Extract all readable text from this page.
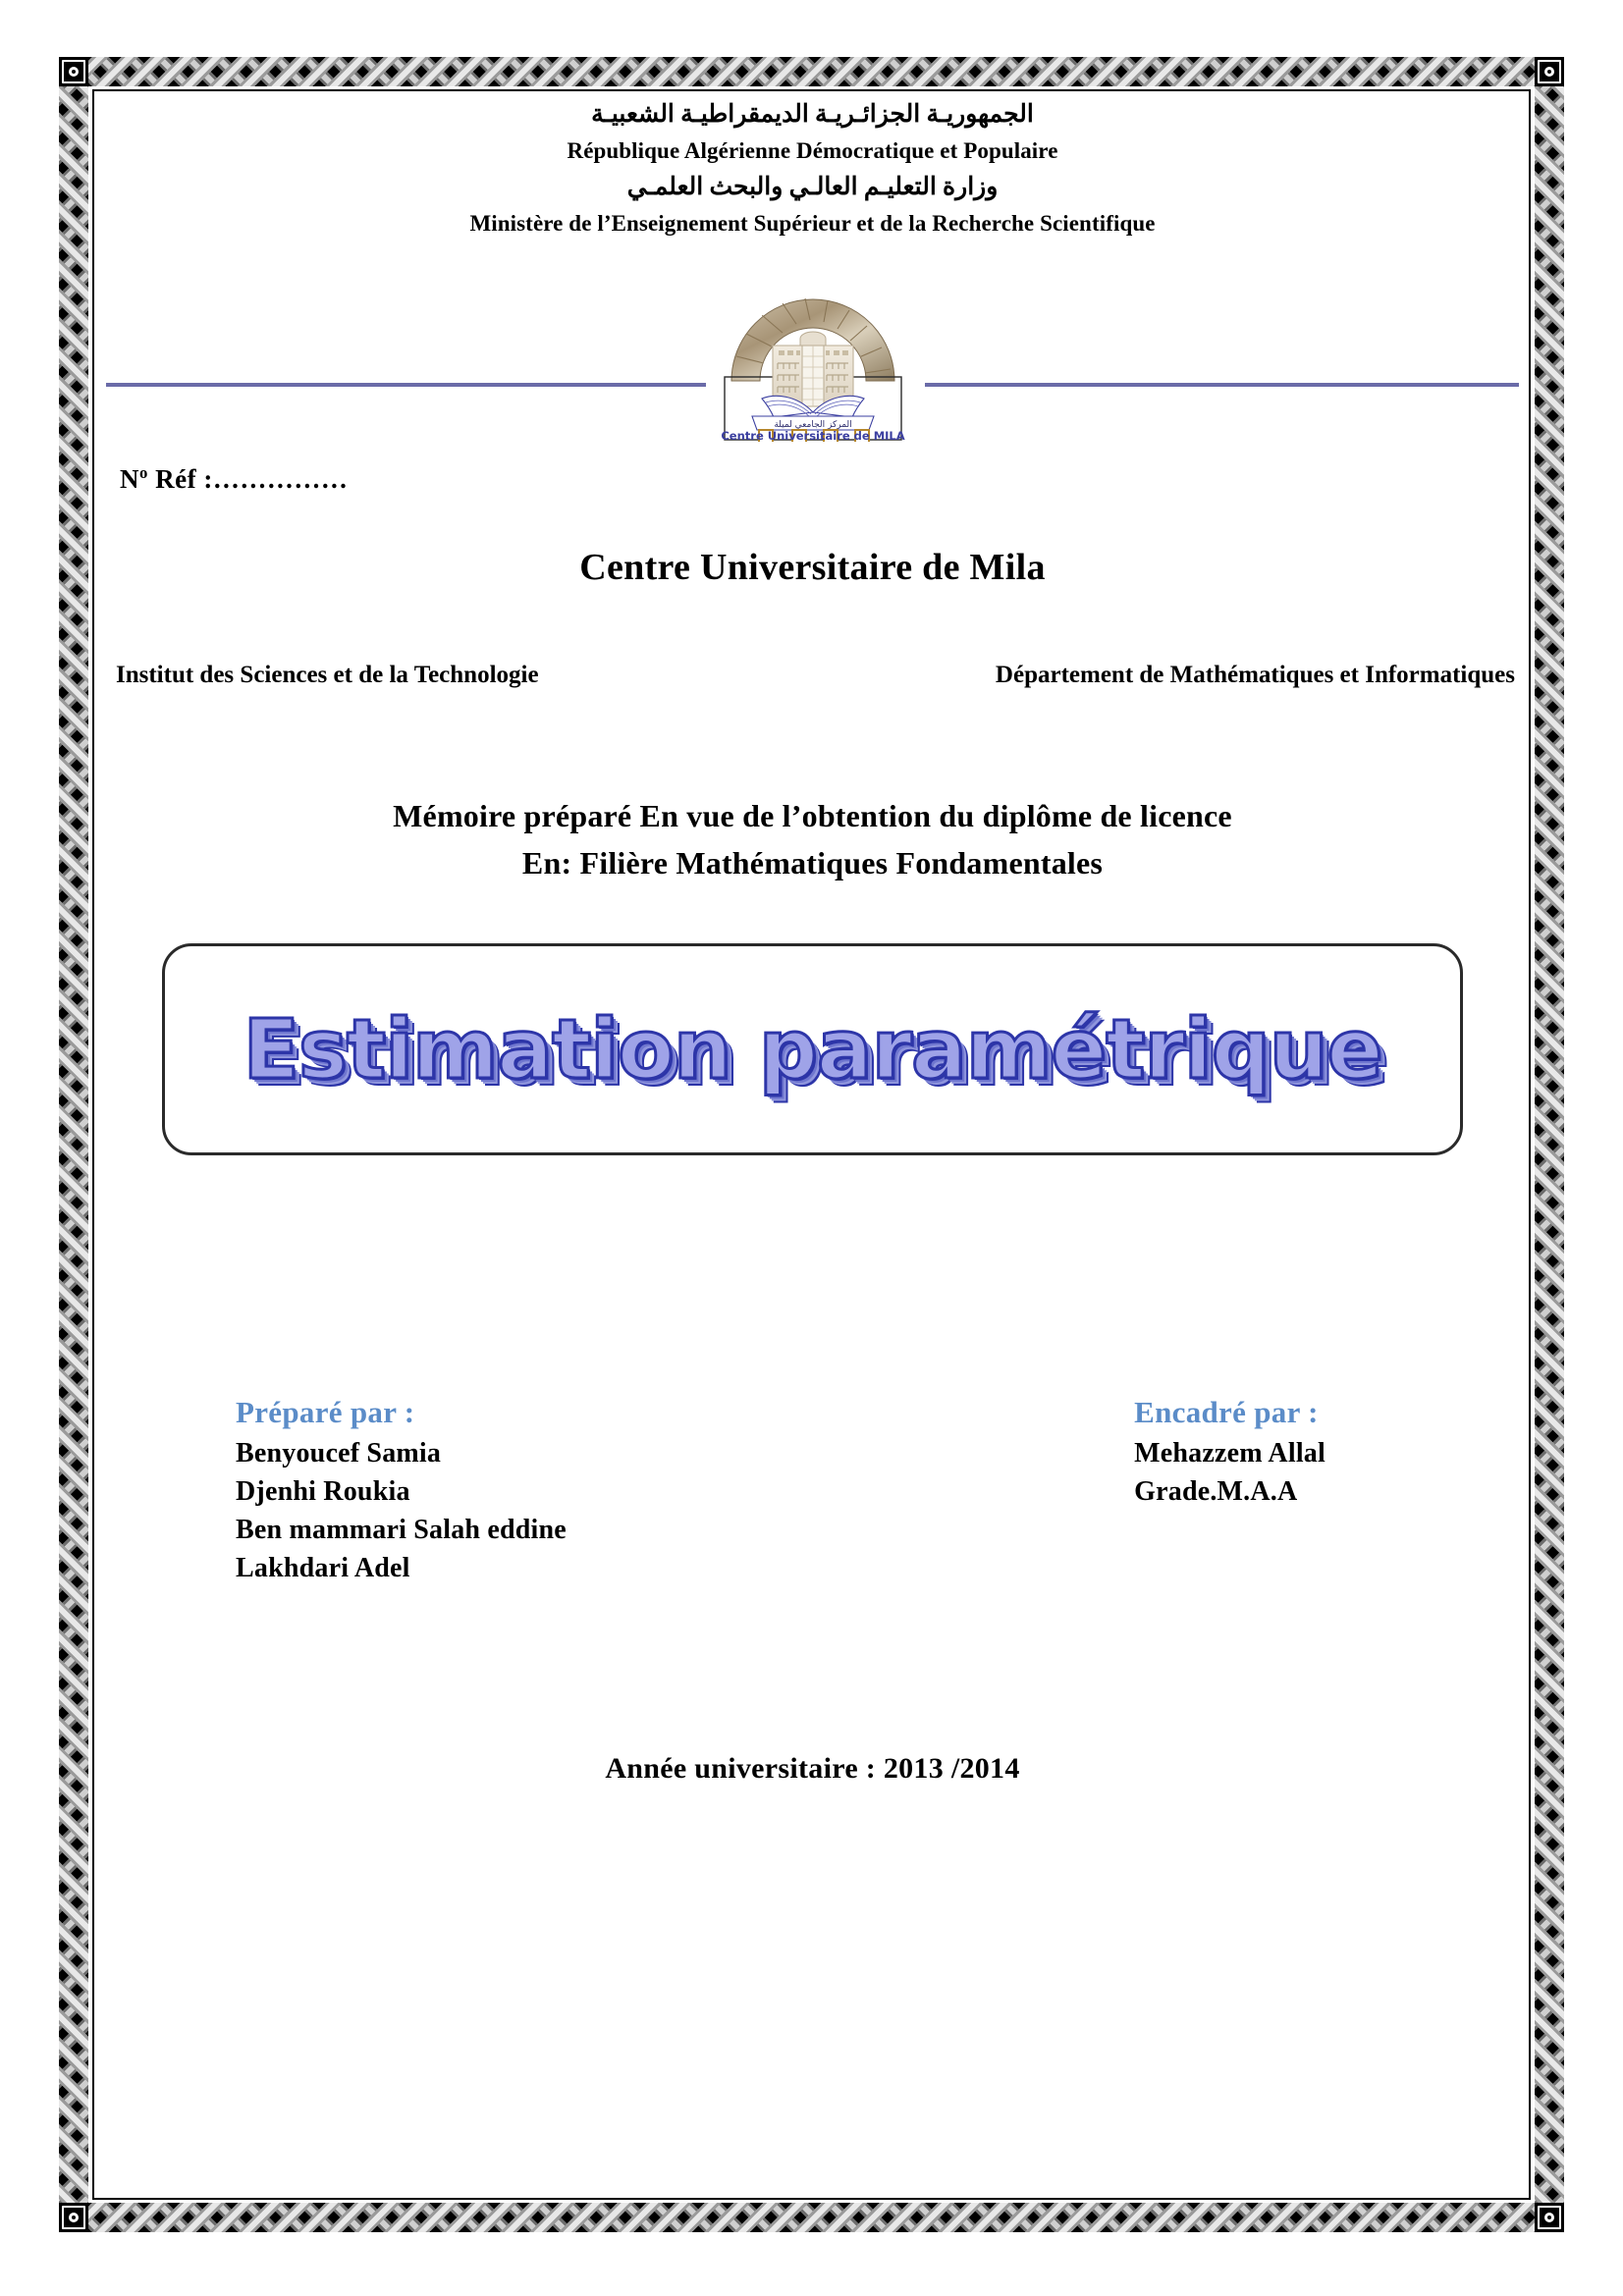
الجمهوريـة الجزائـريـة الديمقراطيـة الشعبيـة
République Algérienne Démocratique et Populaire
وزارة التعليـم العالـي والبحث العلمـي
Ministère de l’Enseignement Supérieur et de la Recherche Scientifique
المركز الجامعي لميلة
Centre Universitaire de MILA
$N^o$ Réf :……………
Centre Universitaire de Mila
Institut des Sciences et de la Technologie	Département de Mathématiques et Informatiques
Mémoire préparé En vue de l’obtention du diplôme de licence
En: Filière Mathématiques Fondamentales
Estimation paramétrique
Préparé par :
Benyoucef Samia
Djenhi Roukia
Ben mammari Salah eddine
Lakhdari Adel
Encadré par :
Mehazzem Allal
Grade.M.A.A
Année universitaire : 2013 /2014
